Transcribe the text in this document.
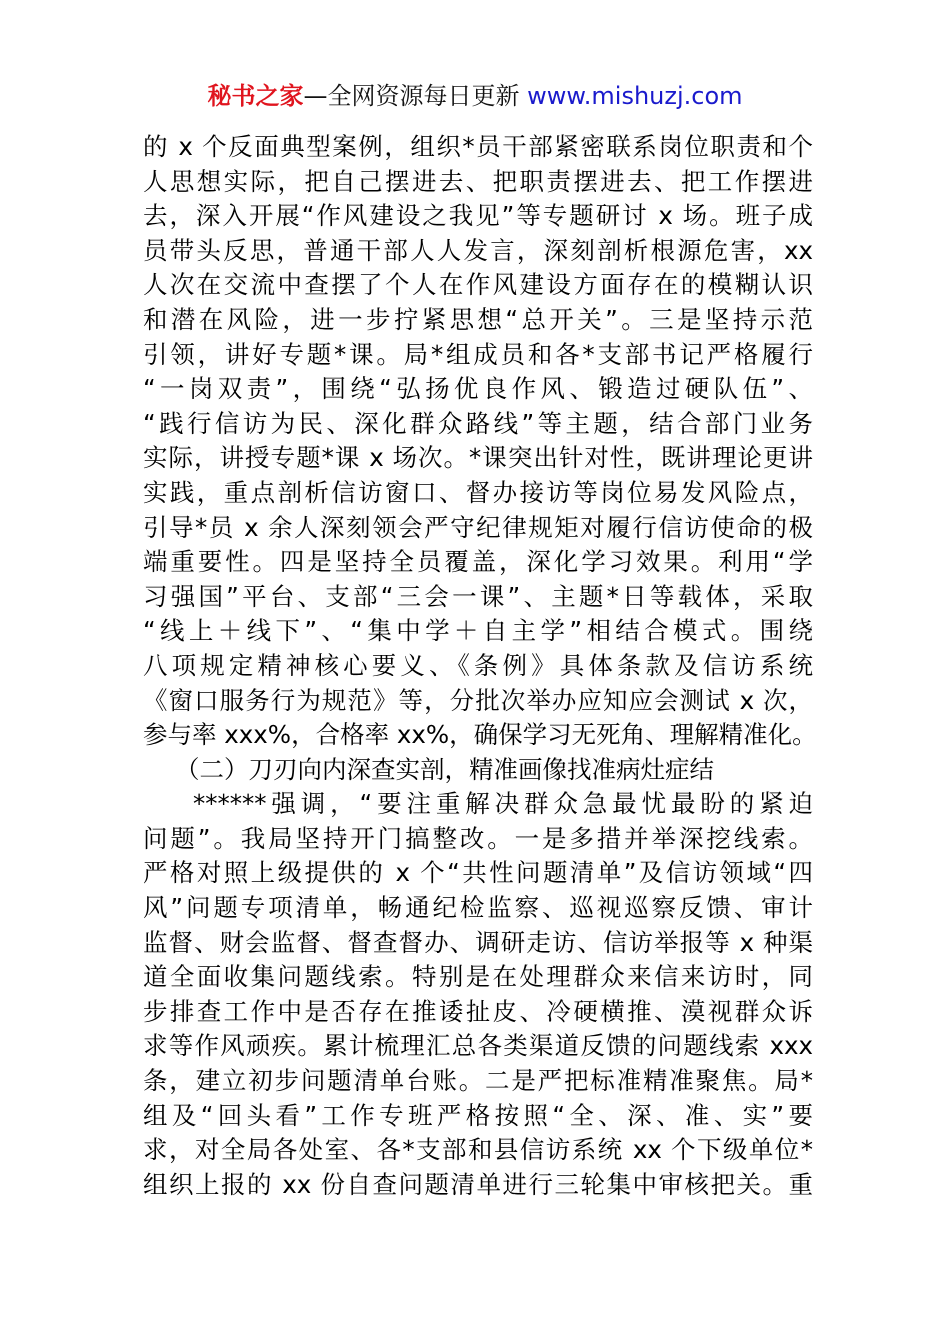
秘书之家—全网资源每日更新 www.mishuzj.com
的 x 个反面典型案例，组织*员干部紧密联系岗位职责和个
人思想实际，把自己摆进去、把职责摆进去、把工作摆进
去，深入开展“作风建设之我见”等专题研讨 x 场。班子成
员带头反思，普通干部人人发言，深刻剖析根源危害，xx
人次在交流中查摆了个人在作风建设方面存在的模糊认识
和潜在风险，进一步拧紧思想“总开关”。三是坚持示范
引领，讲好专题*课。局*组成员和各*支部书记严格履行
“一岗双责”，围绕“弘扬优良作风、锻造过硬队伍”、
“践行信访为民、深化群众路线”等主题，结合部门业务
实际，讲授专题*课 x 场次。*课突出针对性，既讲理论更讲
实践，重点剖析信访窗口、督办接访等岗位易发风险点，
引导*员 x 余人深刻领会严守纪律规矩对履行信访使命的极
端重要性。四是坚持全员覆盖，深化学习效果。利用“学
习强国”平台、支部“三会一课”、主题*日等载体，采取
“线上＋线下”、“集中学＋自主学”相结合模式。围绕
八项规定精神核心要义、《条例》具体条款及信访系统
《窗口服务行为规范》等，分批次举办应知应会测试 x 次，
参与率 xxx%，合格率 xx%，确保学习无死角、理解精准化。
（二）刀刃向内深查实剖，精准画像找准病灶症结
******强调，“要注重解决群众急最忧最盼的紧迫
问题”。我局坚持开门搞整改。一是多措并举深挖线索。
严格对照上级提供的 x 个“共性问题清单”及信访领域“四
风”问题专项清单，畅通纪检监察、巡视巡察反馈、审计
监督、财会监督、督查督办、调研走访、信访举报等 x 种渠
道全面收集问题线索。特别是在处理群众来信来访时，同
步排查工作中是否存在推诿扯皮、冷硬横推、漠视群众诉
求等作风顽疾。累计梳理汇总各类渠道反馈的问题线索 xxx
条，建立初步问题清单台账。二是严把标准精准聚焦。局*
组及“回头看”工作专班严格按照“全、深、准、实”要
求，对全局各处室、各*支部和县信访系统 xx 个下级单位*
组织上报的 xx 份自查问题清单进行三轮集中审核把关。重
